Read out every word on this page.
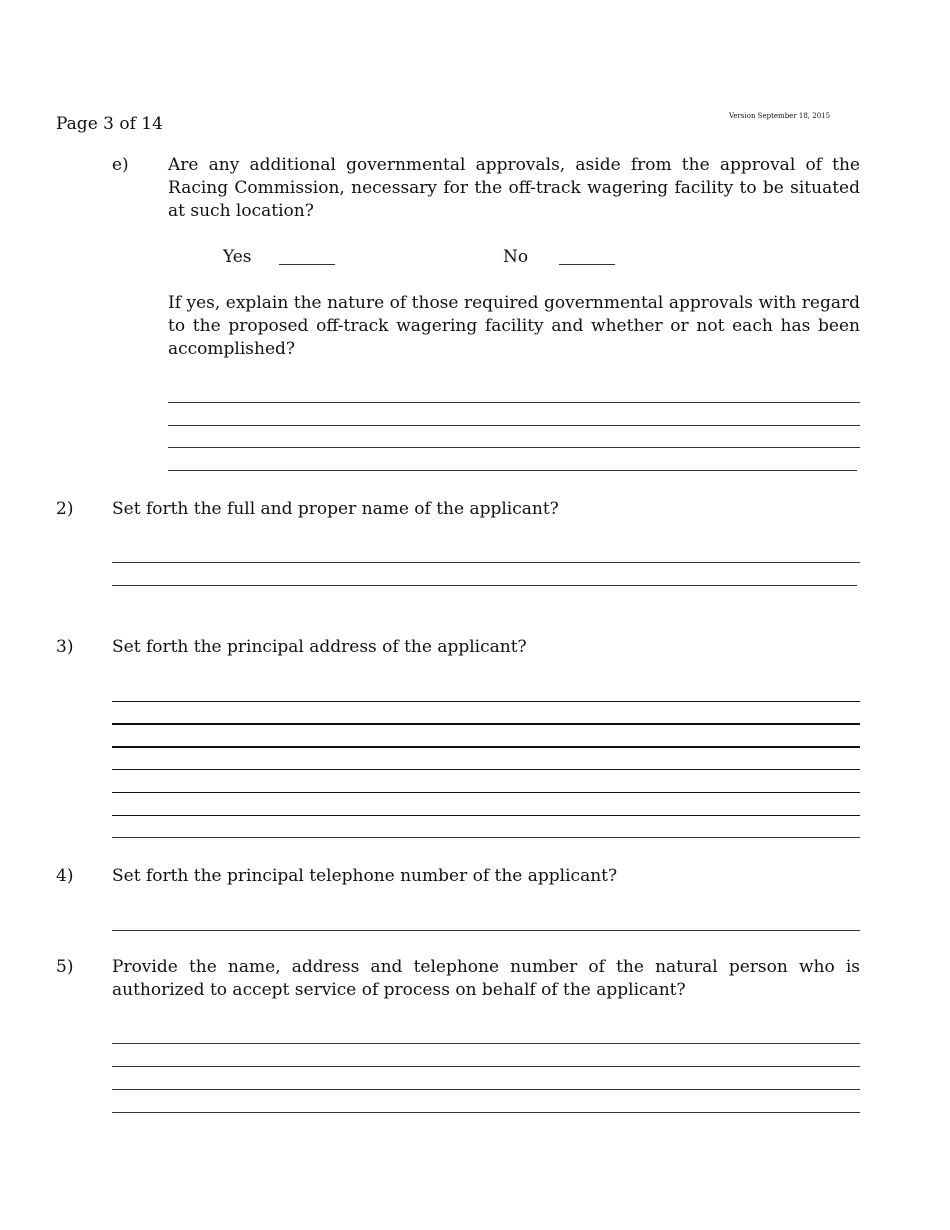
Page 3 of 14	Version September 18, 2015
e) Are any additional governmental approvals, aside from the approval of the Racing Commission, necessary for the off-track wagering facility to be situated at such location?
Yes	No
If yes, explain the nature of those required governmental approvals with regard to the proposed off-track wagering facility and whether or not each has been accomplished?
2) Set forth the full and proper name of the applicant?
3) Set forth the principal address of the applicant?
4) Set forth the principal telephone number of the applicant?
5) Provide the name, address and telephone number of the natural person who is authorized to accept service of process on behalf of the applicant?
